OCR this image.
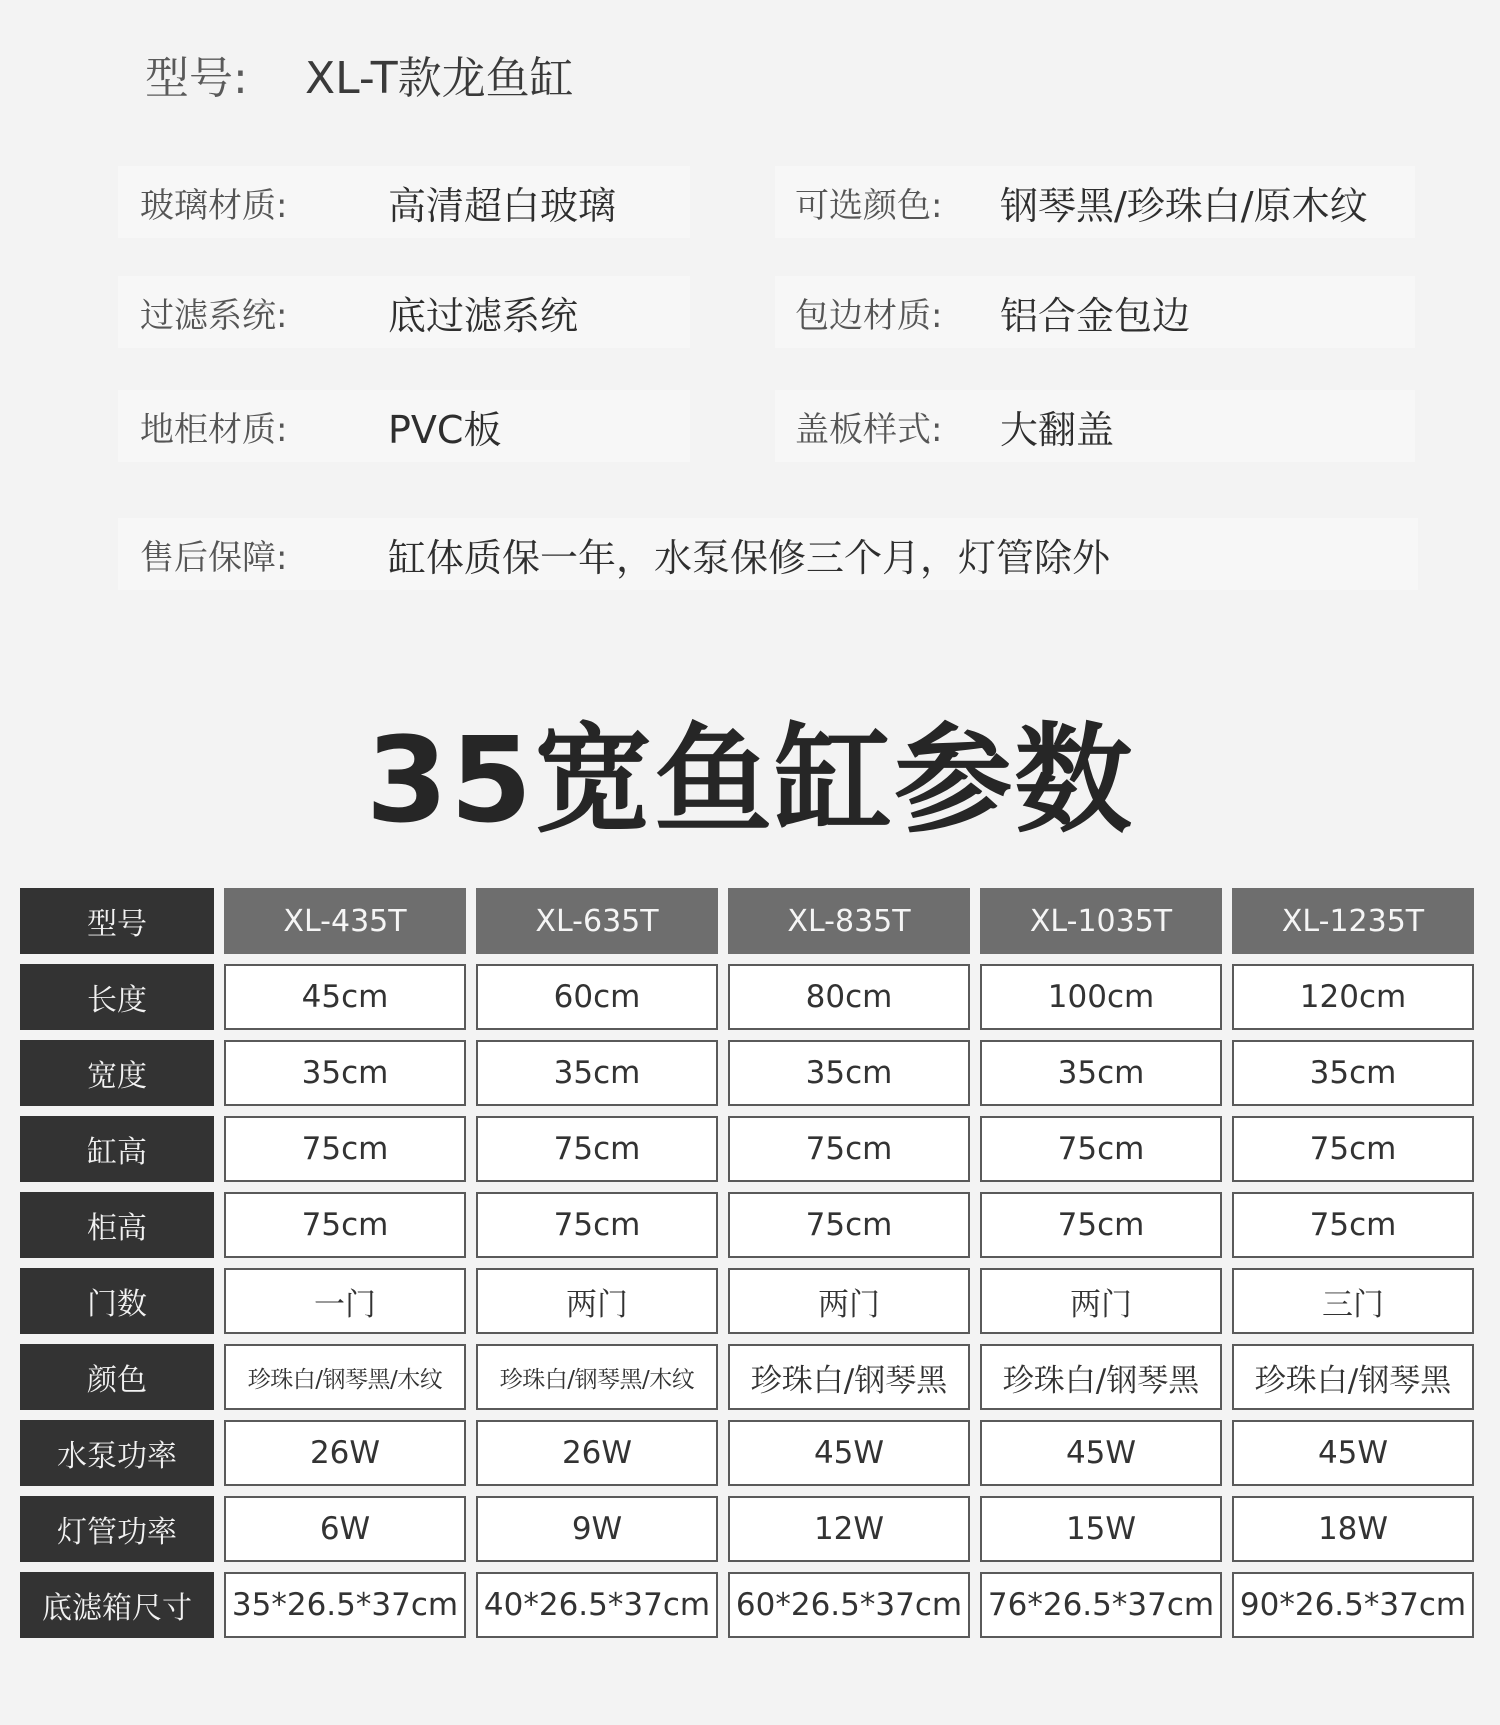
型号: XL-T款龙鱼缸
玻璃材质:	高清超白玻璃	可选颜色: 钢琴黑/珍珠白/原木纹
过滤系统:	底过滤系统	包边材质: 铝合金包边
地柜材质:	PVC板	盖板样式: 大翻盖
售后保障:	缸体质保一年，水泵保修三个月，灯管除外
35宽鱼缸参数
型号	XL-435T	XL-635T	XL-835T	XL-1035T	XL-1235T
长度	45cm	60cm	80cm	100cm	120cm
宽度	35cm	35cm	35cm	35cm	35cm
缸高	75cm	75cm	75cm	75cm	75cm
柜高	75cm	75cm	75cm	75cm	75cm
门数	一门	两门	两门	两门	三门
颜色	珍珠白/钢琴黑/木纹	珍珠白/钢琴黑/木纹	珍珠白/钢琴黑	珍珠白/钢琴黑	珍珠白/钢琴黑
水泵功率	26W	26W	45W	45W	45W
灯管功率	6W	9W	12W	15W	18W
底滤箱尺寸	35*26.5*37cm 40*26.5*37cm 60*26.5*37cm 76*26.5*37cm 90*26.5*37cm
